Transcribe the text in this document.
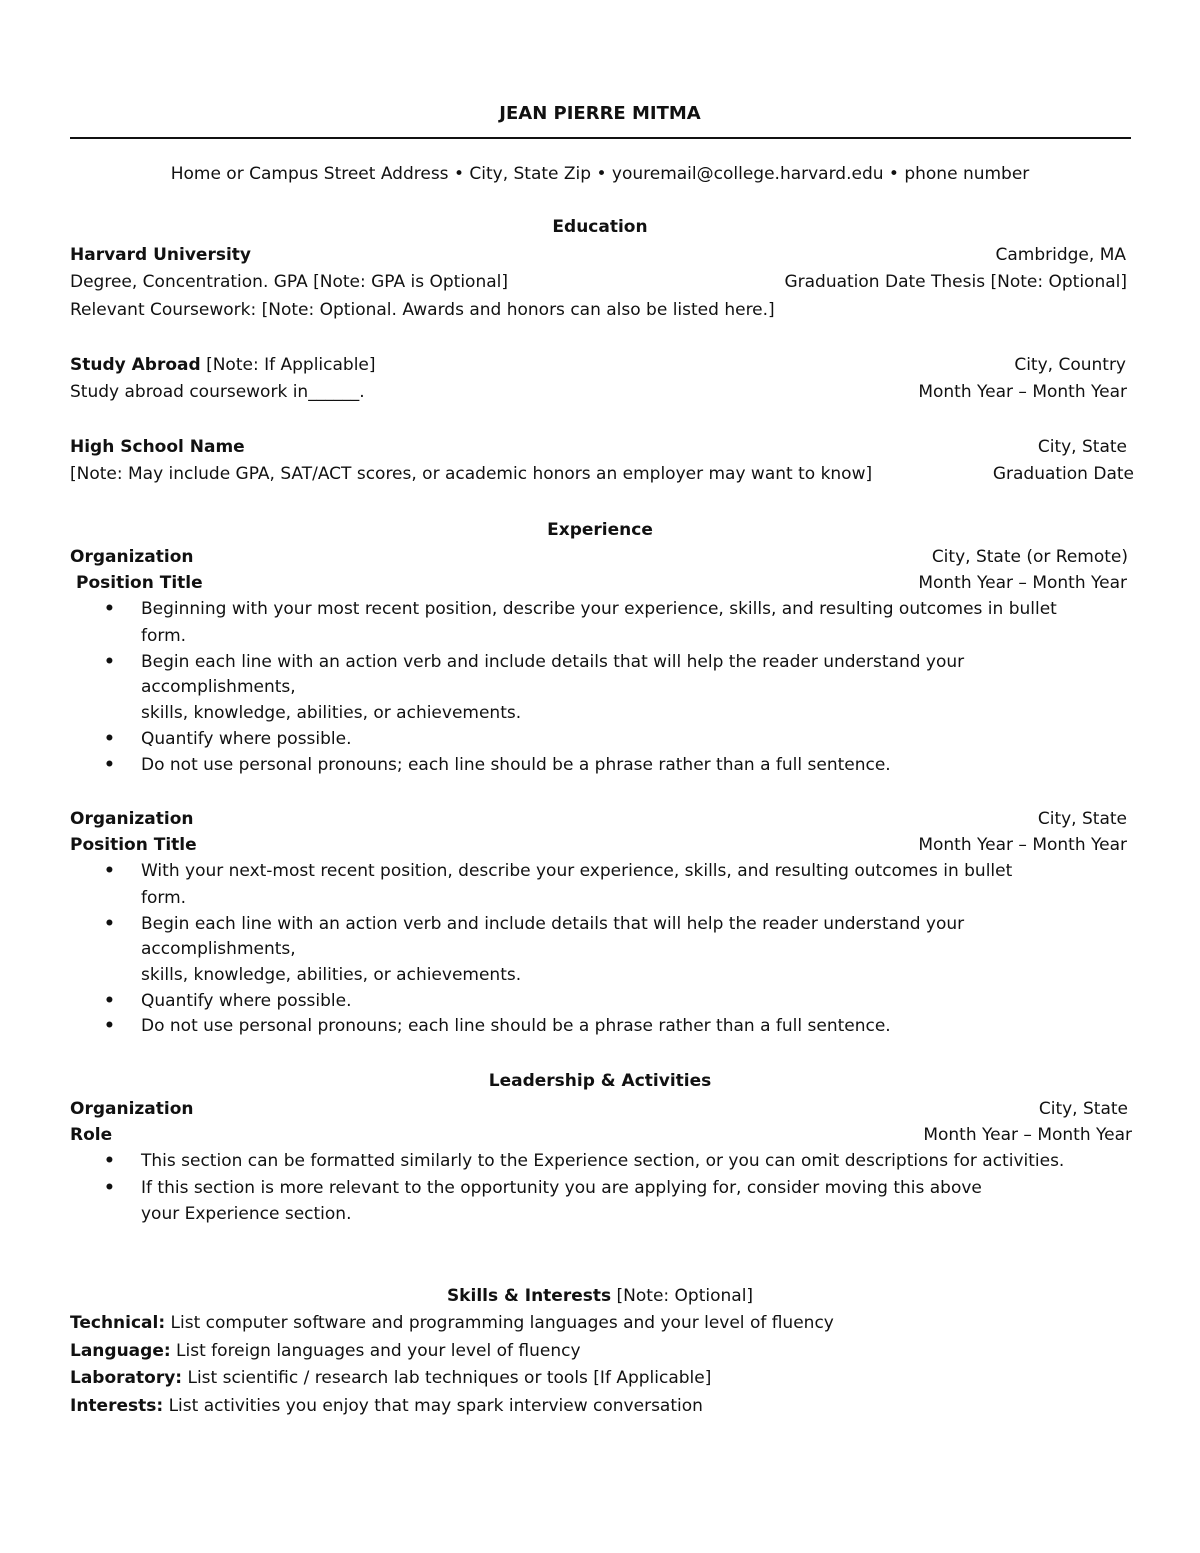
JEAN PIERRE MITMA
Home or Campus Street Address • City, State Zip • youremail@college.harvard.edu • phone number
Education
Harvard University	Cambridge, MA
Degree, Concentration. GPA [Note: GPA is Optional]	Graduation Date Thesis [Note: Optional]
Relevant Coursework: [Note: Optional. Awards and honors can also be listed here.]
Study Abroad [Note: If Applicable]	City, Country
Study abroad coursework in______.	Month Year – Month Year
High School Name	City, State
[Note: May include GPA, SAT/ACT scores, or academic honors an employer may want to know]	Graduation Date
Experience
Organization	City, State (or Remote)
Position Title	Month Year – Month Year
•
Beginning with your most recent position, describe your experience, skills, and resulting outcomes in bullet
form.
•
Begin each line with an action verb and include details that will help the reader understand your
accomplishments,
skills, knowledge, abilities, or achievements.
•
Quantify where possible.
•
Do not use personal pronouns; each line should be a phrase rather than a full sentence.
Organization	City, State
Position Title	Month Year – Month Year
•
With your next-most recent position, describe your experience, skills, and resulting outcomes in bullet
form.
•
Begin each line with an action verb and include details that will help the reader understand your
accomplishments,
skills, knowledge, abilities, or achievements.
•
Quantify where possible.
•
Do not use personal pronouns; each line should be a phrase rather than a full sentence.
Leadership & Activities
Organization	City, State
Role	Month Year – Month Year
•
This section can be formatted similarly to the Experience section, or you can omit descriptions for activities.
•
If this section is more relevant to the opportunity you are applying for, consider moving this above
your Experience section.
Skills & Interests [Note: Optional]
Technical: List computer software and programming languages and your level of fluency
Language: List foreign languages and your level of fluency
Laboratory: List scientific / research lab techniques or tools [If Applicable]
Interests: List activities you enjoy that may spark interview conversation
